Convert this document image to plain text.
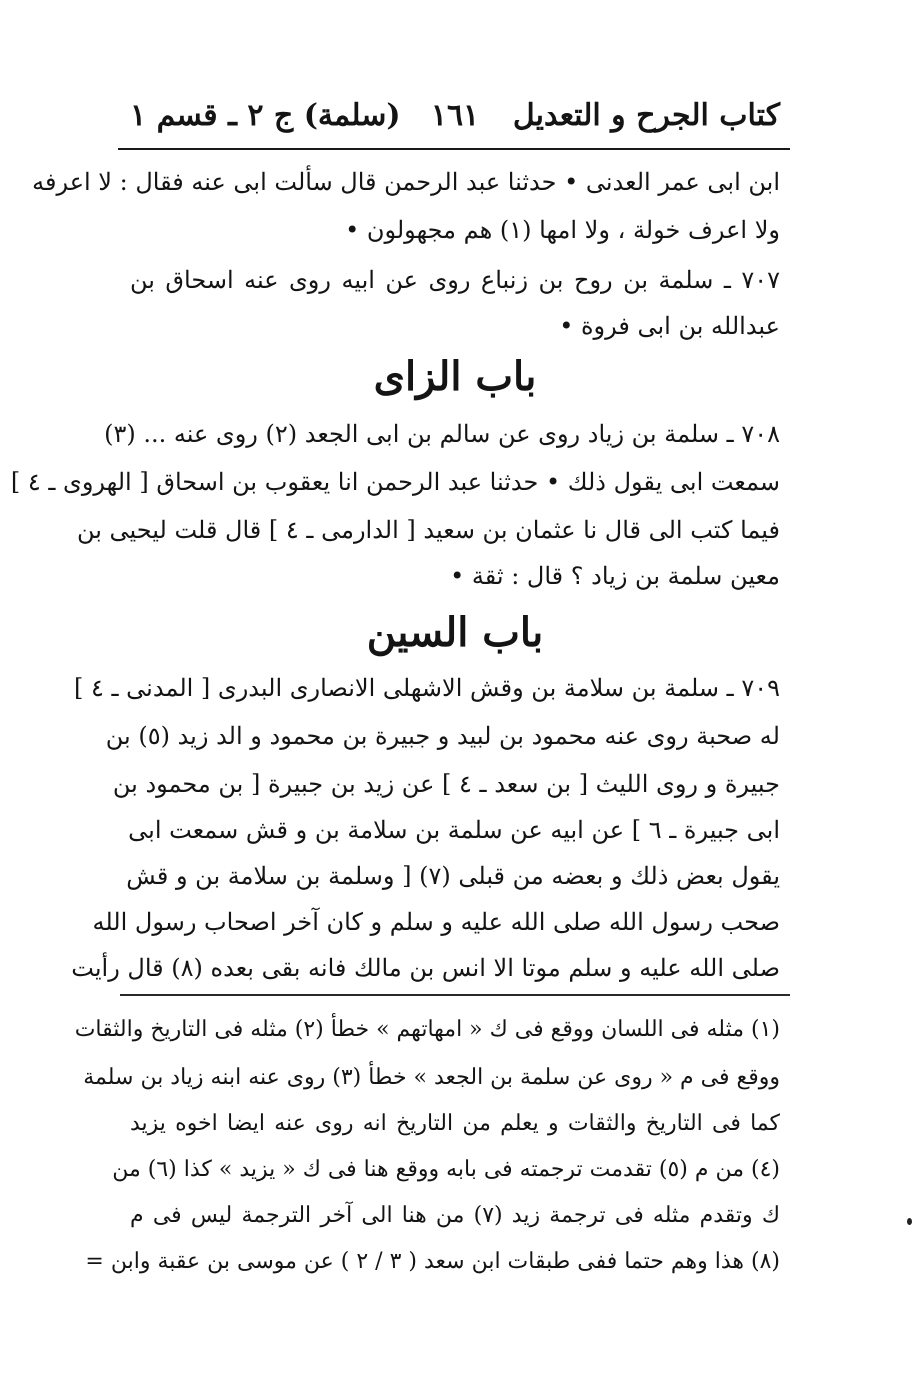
كتاب الجرح و التعديل
١٦١
(سلمة) ج ٢ ـ قسم ١
ابن ابى عمر العدنى • حدثنا عبد الرحمن قال سألت ابى عنه فقال : لا اعرفه
ولا اعرف خولة ، ولا امها (١) هم مجهولون •
٧٠٧ ـ سلمة بن روح بن زنباع روى عن ابيه روى عنه اسحاق بن
عبدالله بن ابى فروة •
باب الزاى
٧٠٨ ـ سلمة بن زياد روى عن سالم بن ابى الجعد (٢) روى عنه ... (٣)
سمعت ابى يقول ذلك • حدثنا عبد الرحمن انا يعقوب بن اسحاق [ الهروى ـ ٤ ]
فيما كتب الى قال نا عثمان بن سعيد [ الدارمى ـ ٤ ] قال قلت ليحيى بن
معين سلمة بن زياد ؟ قال : ثقة •
باب السين
٧٠٩ ـ سلمة بن سلامة بن وقش الاشهلى الانصارى البدرى [ المدنى ـ ٤ ]
له صحبة روى عنه محمود بن لبيد و جبيرة بن محمود و الد زيد (٥) بن
جبيرة و روى الليث [ بن سعد ـ ٤ ] عن زيد بن جبيرة [ بن محمود بن
ابى جبيرة ـ ٦ ] عن ابيه عن سلمة بن سلامة بن و قش سمعت ابى
يقول بعض ذلك و بعضه من قبلى (٧) [ وسلمة بن سلامة بن و قش
صحب رسول الله صلى الله عليه و سلم و كان آخر اصحاب رسول الله
صلى الله عليه و سلم موتا الا انس بن مالك فانه بقى بعده (٨) قال رأيت
(١) مثله فى اللسان ووقع فى ك « امهاتهم » خطأ (٢) مثله فى التاريخ والثقات
ووقع فى م « روى عن سلمة بن الجعد » خطأ (٣) روى عنه ابنه زياد بن سلمة
كما فى التاريخ والثقات و يعلم من التاريخ انه روى عنه ايضا اخوه يزيد
(٤) من م (٥) تقدمت ترجمته فى بابه ووقع هنا فى ك « يزيد » كذا (٦) من
ك وتقدم مثله فى ترجمة زيد (٧) من هنا الى آخر الترجمة ليس فى م
(٨) هذا وهم حتما ففى طبقات ابن سعد ( ٣ / ٢ ) عن موسى بن عقبة وابن =
